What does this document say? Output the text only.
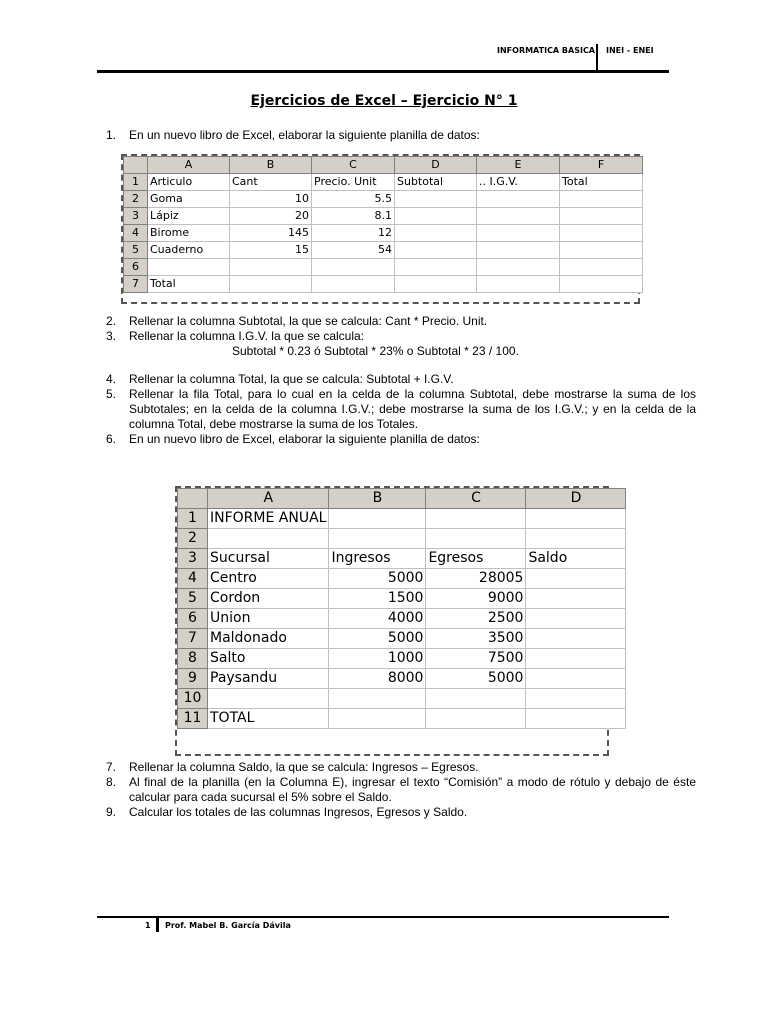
INFORMATICA BASICA INEI - ENEI
Ejercicios de Excel – Ejercicio N° 1
1. En un nuevo libro de Excel, elaborar la siguiente planilla de datos:
	A	B	C	D	E	F
1	Articulo	Cant	Precio. Unit	Subtotal	.. I.G.V.	Total
2	Goma	10	5.5			
3	Lápiz	20	8.1			
4	Birome	145	12			
5	Cuaderno	15	54			
6						
7	Total					
2. Rellenar la columna Subtotal, la que se calcula: Cant * Precio. Unit.
3. Rellenar la columna I.G.V. la que se calcula:
Subtotal * 0.23 ó Subtotal * 23% o Subtotal * 23 / 100.
4. Rellenar la columna Total, la que se calcula: Subtotal + I.G.V.
5. Rellenar la fila Total, para lo cual en la celda de la columna Subtotal, debe mostrarse la suma de los Subtotales; en la celda de la columna I.G.V.; debe mostrarse la suma de los I.G.V.; y en la celda de la columna Total, debe mostrarse la suma de los Totales.
6. En un nuevo libro de Excel, elaborar la siguiente planilla de datos:
	A	B	C	D
1	INFORME ANUAL			
2				
3	Sucursal	Ingresos	Egresos	Saldo
4	Centro	5000	28005	
5	Cordon	1500	9000	
6	Union	4000	2500	
7	Maldonado	5000	3500	
8	Salto	1000	7500	
9	Paysandu	8000	5000	
10				
11	TOTAL			
7. Rellenar la columna Saldo, la que se calcula: Ingresos – Egresos.
8. Al final de la planilla (en la Columna E), ingresar el texto “Comisión” a modo de rótulo y debajo de éste calcular para cada sucursal el 5% sobre el Saldo.
9. Calcular los totales de las columnas Ingresos, Egresos y Saldo.
1 Prof. Mabel B. García Dávila
